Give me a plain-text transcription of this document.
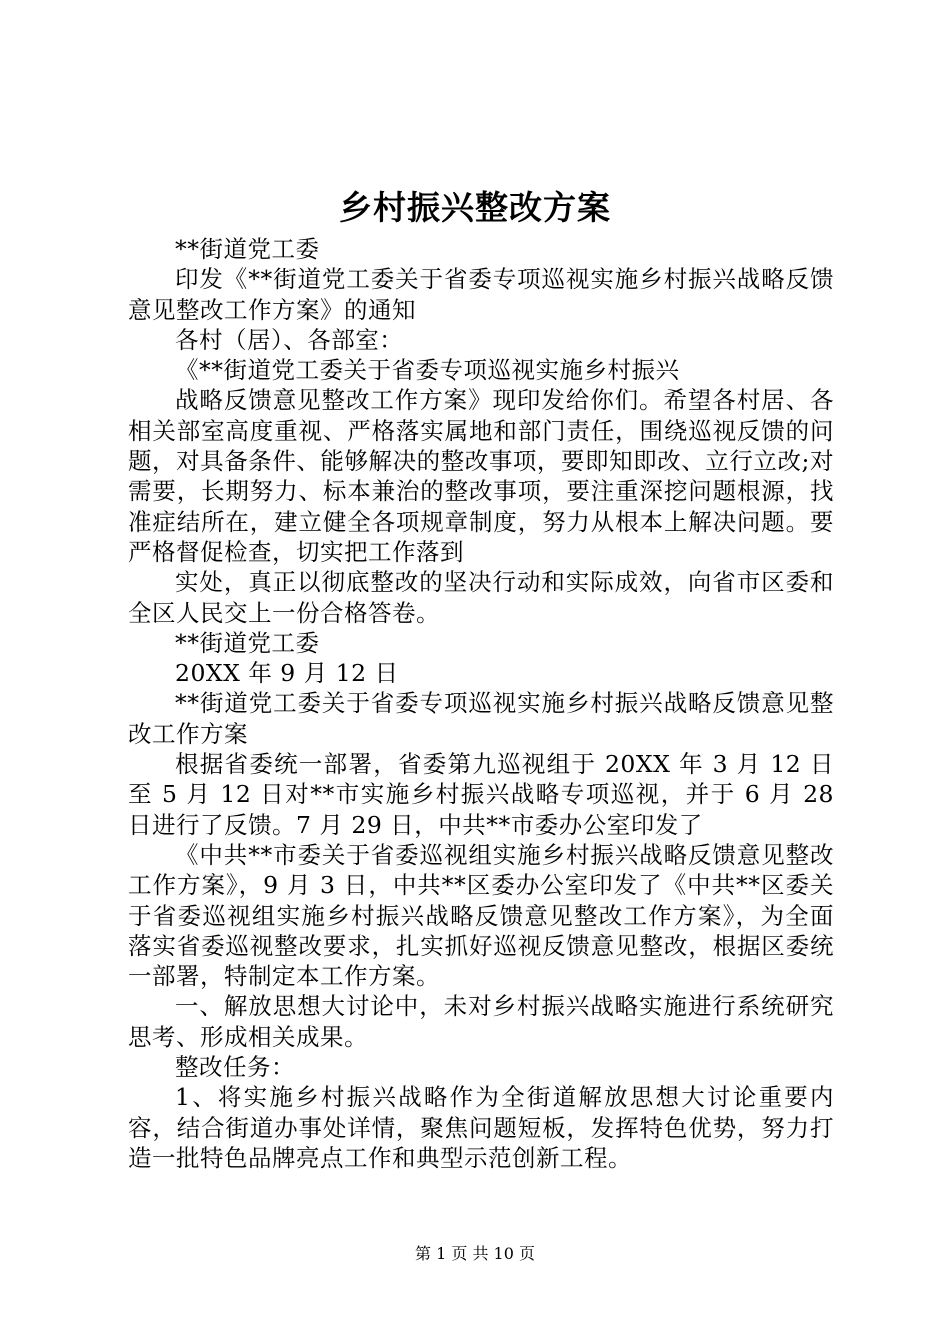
乡村振兴整改方案

**街道党工委

印发《**街道党工委关于省委专项巡视实施乡村振兴战略反馈意见整改工作方案》的通知

各村（居）、各部室：

《**街道党工委关于省委专项巡视实施乡村振兴

战略反馈意见整改工作方案》现印发给你们。希望各村居、各相关部室高度重视、严格落实属地和部门责任，围绕巡视反馈的问题，对具备条件、能够解决的整改事项，要即知即改、立行立改;对需要，长期努力、标本兼治的整改事项，要注重深挖问题根源，找准症结所在，建立健全各项规章制度，努力从根本上解决问题。要严格督促检查，切实把工作落到

实处，真正以彻底整改的坚决行动和实际成效，向省市区委和全区人民交上一份合格答卷。

**街道党工委

20XX 年 9 月 12 日

**街道党工委关于省委专项巡视实施乡村振兴战略反馈意见整改工作方案

根据省委统一部署，省委第九巡视组于 20XX 年 3 月 12 日至 5 月 12 日对**市实施乡村振兴战略专项巡视，并于 6 月 28 日进行了反馈。7 月 29 日，中共**市委办公室印发了

《中共**市委关于省委巡视组实施乡村振兴战略反馈意见整改工作方案》，9 月 3 日，中共**区委办公室印发了《中共**区委关于省委巡视组实施乡村振兴战略反馈意见整改工作方案》，为全面落实省委巡视整改要求，扎实抓好巡视反馈意见整改，根据区委统一部署，特制定本工作方案。

一、解放思想大讨论中，未对乡村振兴战略实施进行系统研究思考、形成相关成果。

整改任务：

1、将实施乡村振兴战略作为全街道解放思想大讨论重要内容，结合街道办事处详情，聚焦问题短板，发挥特色优势，努力打造一批特色品牌亮点工作和典型示范创新工程。

第 1 页 共 10 页
